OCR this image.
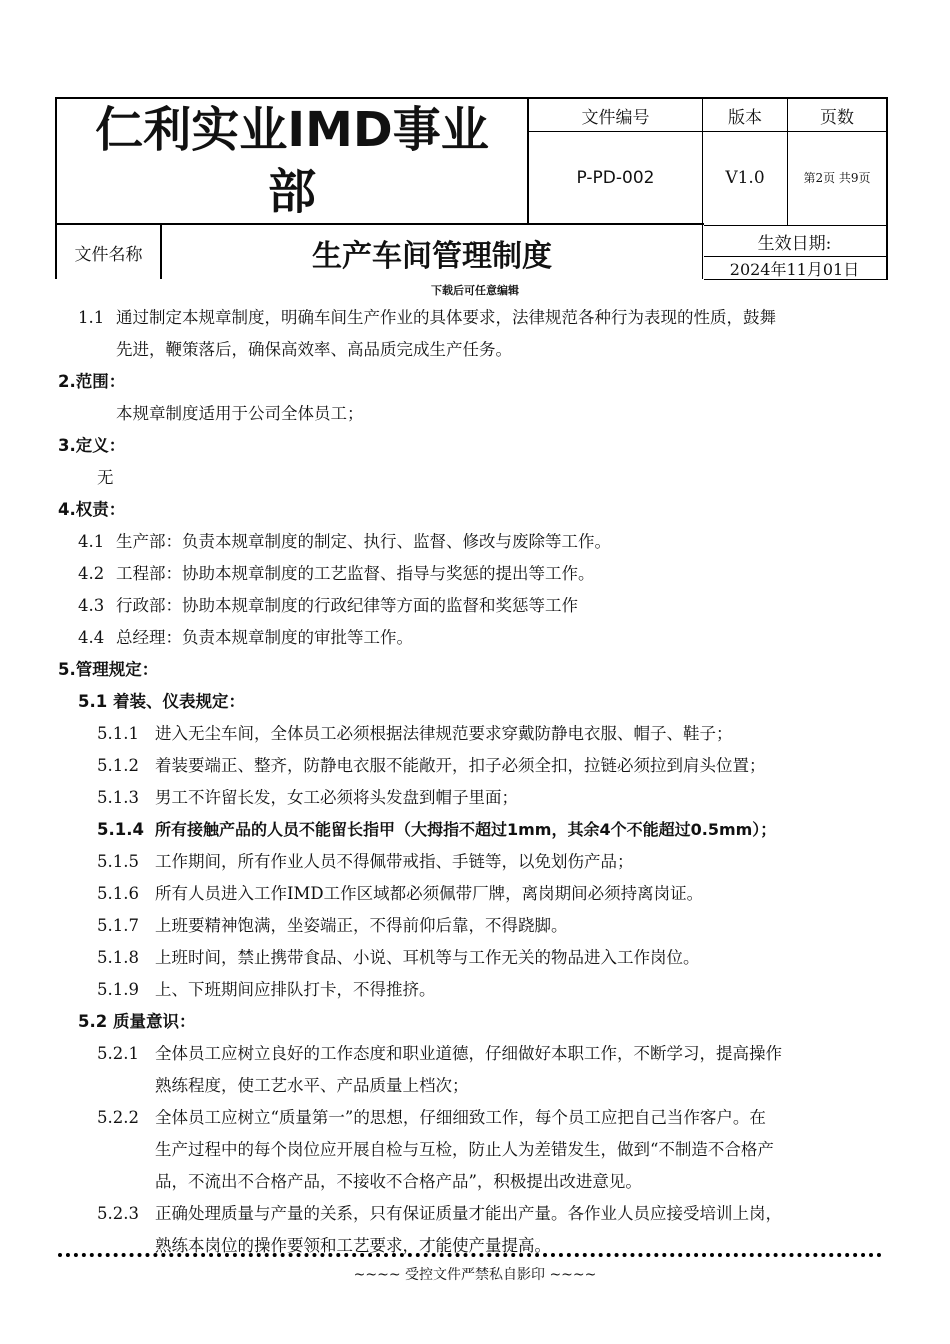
仁利实业IMD事业
部
文件编号	版本	页数
P-PD-002	V1.0	第2页 共9页
文件名称	生产车间管理制度	生效日期:
2024年11月01日
下载后可任意编辑
1.1 通过制定本规章制度，明确车间生产作业的具体要求，法律规范各种行为表现的性质，鼓舞
先进，鞭策落后，确保高效率、高品质完成生产任务。
2.范围：
本规章制度适用于公司全体员工；
3.定义：
无
4.权责：
4.1 生产部：负责本规章制度的制定、执行、监督、修改与废除等工作。
4.2 工程部：协助本规章制度的工艺监督、指导与奖惩的提出等工作。
4.3 行政部：协助本规章制度的行政纪律等方面的监督和奖惩等工作
4.4 总经理：负责本规章制度的审批等工作。
5.管理规定：
5.1 着装、仪表规定：
5.1.1 进入无尘车间，全体员工必须根据法律规范要求穿戴防静电衣服、帽子、鞋子；
5.1.2 着装要端正、整齐，防静电衣服不能敞开，扣子必须全扣，拉链必须拉到肩头位置；
5.1.3 男工不许留长发，女工必须将头发盘到帽子里面；
5.1.4 所有接触产品的人员不能留长指甲（大拇指不超过1mm，其余4个不能超过0.5mm）；
5.1.5 工作期间，所有作业人员不得佩带戒指、手链等，以免划伤产品；
5.1.6 所有人员进入工作IMD工作区域都必须佩带厂牌，离岗期间必须持离岗证。
5.1.7 上班要精神饱满，坐姿端正，不得前仰后靠，不得跷脚。
5.1.8 上班时间，禁止携带食品、小说、耳机等与工作无关的物品进入工作岗位。
5.1.9 上、下班期间应排队打卡，不得推挤。
5.2 质量意识：
5.2.1 全体员工应树立良好的工作态度和职业道德，仔细做好本职工作，不断学习，提高操作
熟练程度，使工艺水平、产品质量上档次；
5.2.2 全体员工应树立“质量第一”的思想，仔细细致工作，每个员工应把自己当作客户。在
生产过程中的每个岗位应开展自检与互检，防止人为差错发生，做到“不制造不合格产
品，不流出不合格产品，不接收不合格产品”，积极提出改进意见。
5.2.3 正确处理质量与产量的关系，只有保证质量才能出产量。各作业人员应接受培训上岗，
熟练本岗位的操作要领和工艺要求，才能使产量提高。
~~~~ 受控文件严禁私自影印 ~~~~
